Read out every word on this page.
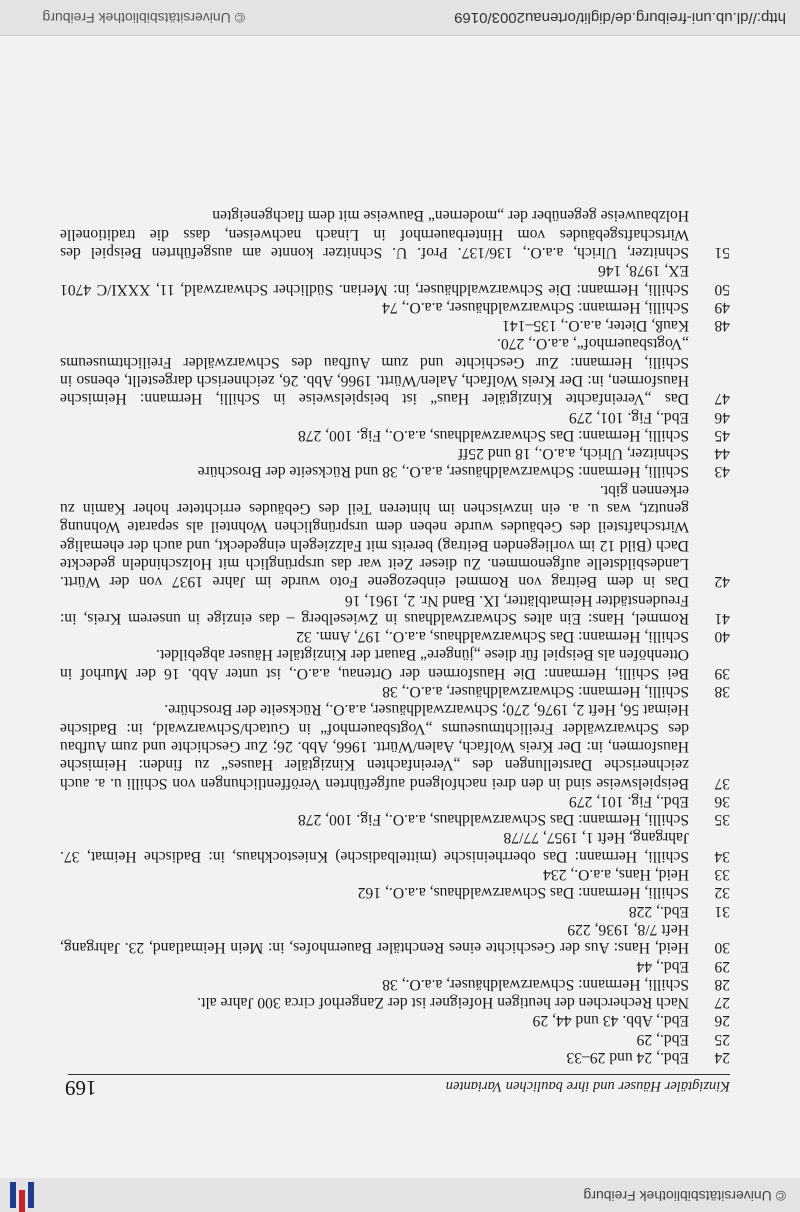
© Universitätsbibliothek Freiburg
Kinzigtäler Häuser und ihre baulichen Varianten
169
24
Ebd., 24 und 29–33
25
Ebd., 29
26
Ebd., Abb. 43 und 44, 29
27
Nach Recherchen der heutigen Hofeigner ist der Zangerhof circa 300 Jahre alt.
28
Schilli, Hermann: Schwarzwaldhäuser, a.a.O., 38
29
Ebd., 44
30
Heid, Hans: Aus der Geschichte eines Renchtäler Bauernhofes, in: Mein Heimatland, 23. Jahrgang, Heft 7/8, 1936, 229
31
Ebd., 228
32
Schilli, Hermann: Das Schwarzwaldhaus, a.a.O., 162
33
Heid, Hans, a.a.O., 234
34
Schilli, Hermann: Das oberrheinische (mittelbadische) Kniestockhaus, in: Badische Heimat, 37. Jahrgang, Heft 1, 1957, 77/78
35
Schilli, Hermann: Das Schwarzwaldhaus, a.a.O., Fig. 100, 278
36
Ebd., Fig. 101, 279
37
Beispielsweise sind in den drei nachfolgend aufgeführten Veröffentlichungen von Schilli u. a. auch zeichnerische Darstellungen des „Vereinfachten Kinzigtäler Hauses“ zu finden: Heimische Hausformen, in: Der Kreis Wolfach, Aalen/Württ. 1966, Abb. 26; Zur Geschichte und zum Aufbau des Schwarzwälder Freilichtmuseums „Vogtsbauernhof“ in Gutach/Schwarzwald, in: Badische Heimat 56, Heft 2, 1976, 270; Schwarzwaldhäuser, a.a.O., Rückseite der Broschüre.
38
Schilli, Hermann: Schwarzwaldhäuser, a.a.O., 38
39
Bei Schilli, Hermann: Die Hausformen der Ortenau, a.a.O., ist unter Abb. 16 der Murhof in Ottenhöfen als Beispiel für diese „jüngere“ Bauart der Kinzigtäler Häuser abgebildet.
40
Schilli, Hermann: Das Schwarzwaldhaus, a.a.O., 197, Anm. 32
41
Rommel, Hans: Ein altes Schwarzwaldhaus in Zwieselberg – das einzige in unserem Kreis, in: Freudenstädter Heimatblätter, IX. Band Nr. 2, 1961, 16
42
Das in dem Beitrag von Rommel einbezogene Foto wurde im Jahre 1937 von der Württ. Landesbildstelle aufgenommen. Zu dieser Zeit war das ursprünglich mit Holzschindeln gedeckte Dach (Bild 12 im vorliegenden Beitrag) bereits mit Falzziegeln eingedeckt, und auch der ehemalige Wirtschaftsteil des Gebäudes wurde neben dem ursprünglichen Wohnteil als separate Wohnung genutzt, was u. a. ein inzwischen im hinteren Teil des Gebäudes errichteter hoher Kamin zu erkennen gibt.
43
Schilli, Hermann: Schwarzwaldhäuser, a.a.O., 38 und Rückseite der Broschüre
44
Schnitzer, Ulrich, a.a.O., 18 und 25ff
45
Schilli, Hermann: Das Schwarzwaldhaus, a.a.O., Fig. 100, 278
46
Ebd., Fig. 101, 279
47
Das „Vereinfachte Kinzigtäler Haus“ ist beispielsweise in Schilli, Hermann: Heimische Hausformen, in: Der Kreis Wolfach, Aalen/Württ. 1966, Abb. 26, zeichnerisch dargestellt, ebenso in Schilli, Hermann: Zur Geschichte und zum Aufbau des Schwarzwälder Freilichtmuseums „Vogtsbauernhof“, a.a.O., 270.
48
Kauß, Dieter, a.a.O., 135–141
49
Schilli, Hermann: Schwarzwaldhäuser, a.a.O., 74
50
Schilli, Hermann: Die Schwarzwaldhäuser, in: Merian. Südlicher Schwarzwald, 11, XXXI/C 4701 EX, 1978, 146
51
Schnitzer, Ulrich, a.a.O., 136/137. Prof. U. Schnitzer konnte am ausgeführten Beispiel des Wirtschaftsgebäudes vom Hinterbauernhof in Linach nachweisen, dass die traditionelle Holzbauweise gegenüber der „modernen“ Bauweise mit dem flachgeneigten
http://dl.ub.uni-freiburg.de/diglit/ortenau2003/0169
© Universitätsbibliothek Freiburg
